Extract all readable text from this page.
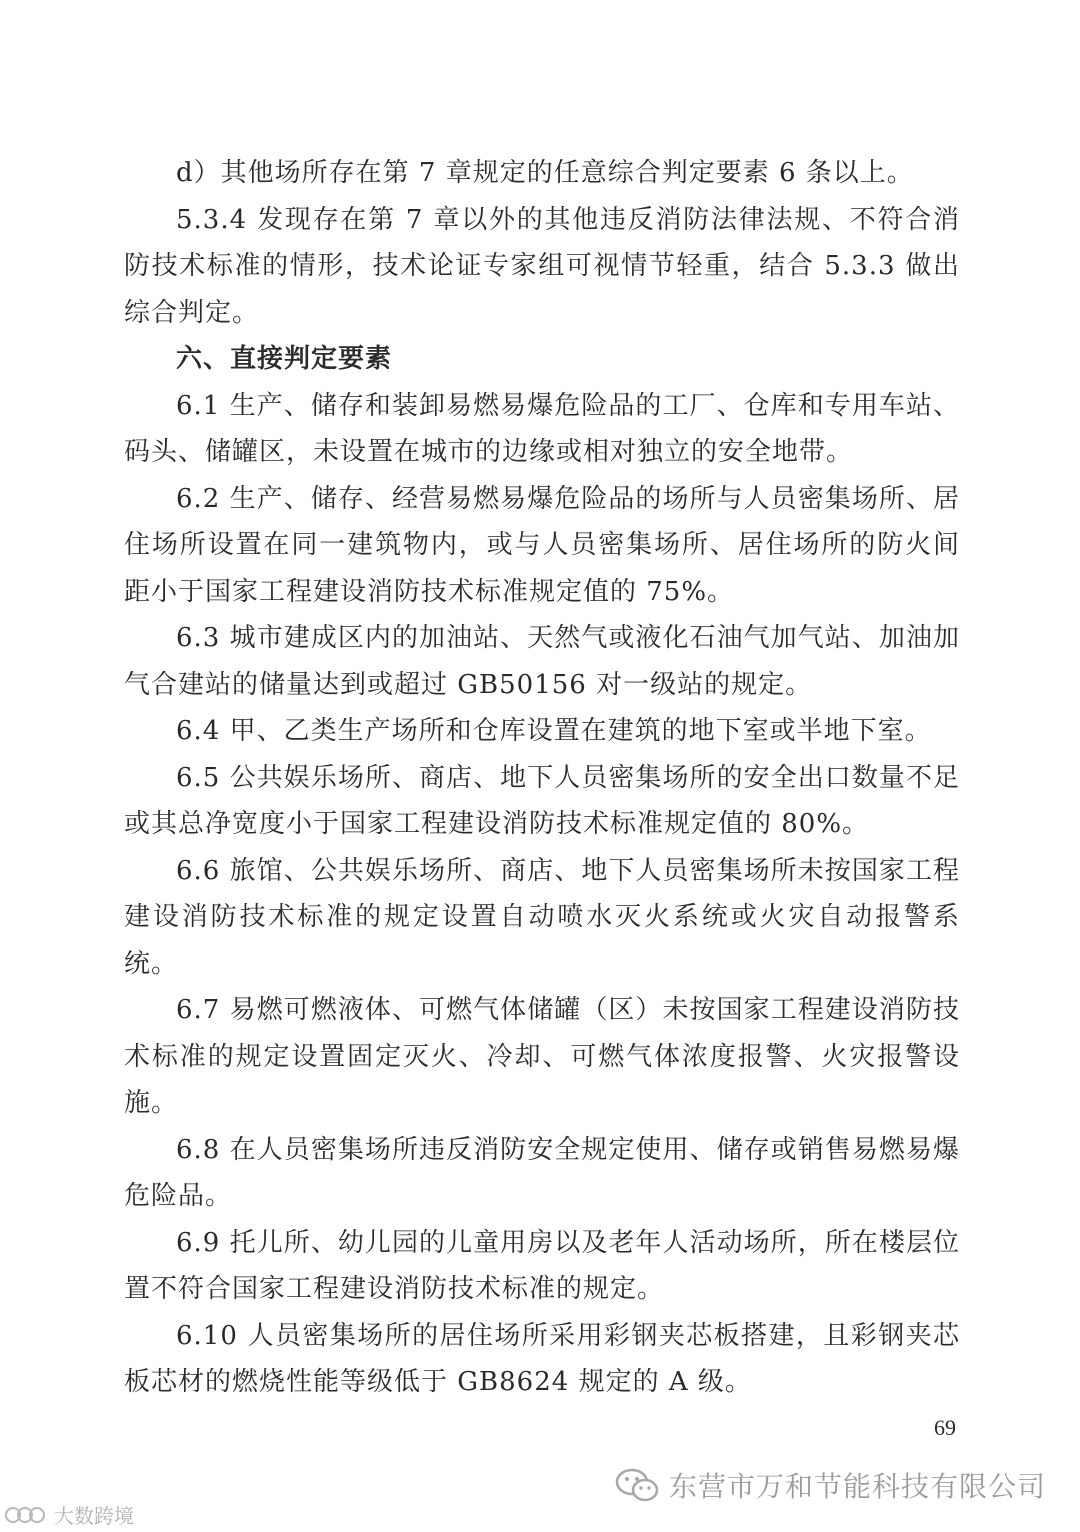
d）其他场所存在第 7 章规定的任意综合判定要素 6 条以上。

5.3.4 发现存在第 7 章以外的其他违反消防法律法规、不符合消防技术标准的情形，技术论证专家组可视情节轻重，结合 5.3.3 做出综合判定。

六、直接判定要素

6.1 生产、储存和装卸易燃易爆危险品的工厂、仓库和专用车站、码头、储罐区，未设置在城市的边缘或相对独立的安全地带。

6.2 生产、储存、经营易燃易爆危险品的场所与人员密集场所、居住场所设置在同一建筑物内，或与人员密集场所、居住场所的防火间距小于国家工程建设消防技术标准规定值的 75%。

6.3 城市建成区内的加油站、天然气或液化石油气加气站、加油加气合建站的储量达到或超过 GB50156 对一级站的规定。

6.4 甲、乙类生产场所和仓库设置在建筑的地下室或半地下室。

6.5 公共娱乐场所、商店、地下人员密集场所的安全出口数量不足或其总净宽度小于国家工程建设消防技术标准规定值的 80%。

6.6 旅馆、公共娱乐场所、商店、地下人员密集场所未按国家工程建设消防技术标准的规定设置自动喷水灭火系统或火灾自动报警系统。

6.7 易燃可燃液体、可燃气体储罐（区）未按国家工程建设消防技术标准的规定设置固定灭火、冷却、可燃气体浓度报警、火灾报警设施。

6.8 在人员密集场所违反消防安全规定使用、储存或销售易燃易爆危险品。

6.9 托儿所、幼儿园的儿童用房以及老年人活动场所，所在楼层位置不符合国家工程建设消防技术标准的规定。

6.10 人员密集场所的居住场所采用彩钢夹芯板搭建，且彩钢夹芯板芯材的燃烧性能等级低于 GB8624 规定的 A 级。

69
东营市万和节能科技有限公司
大数跨境
